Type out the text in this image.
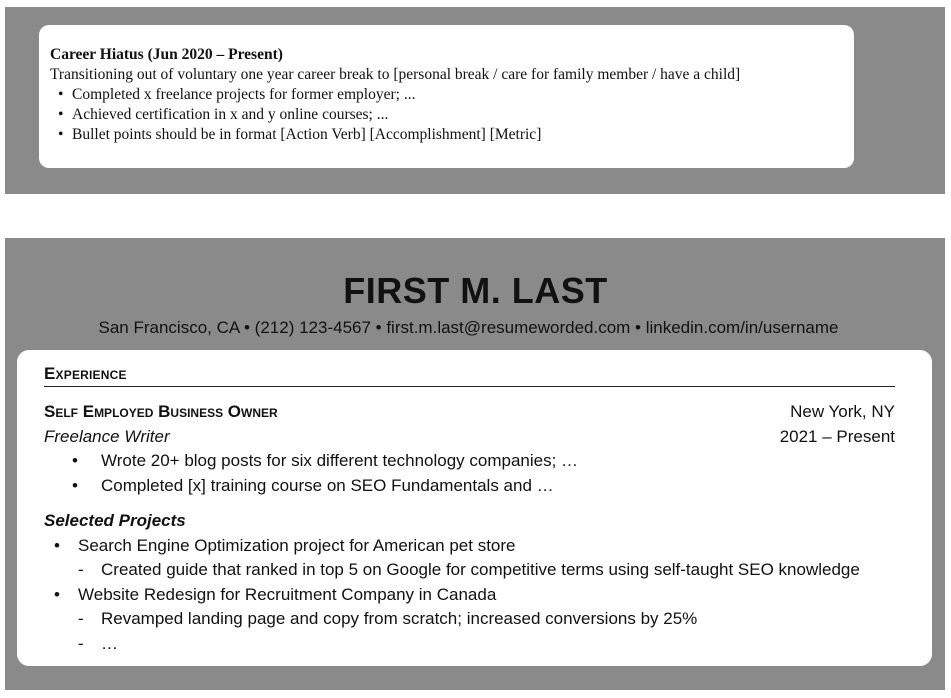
Career Hiatus (Jun 2020 – Present)
Transitioning out of voluntary one year career break to [personal break / care for family member / have a child]
• Completed x freelance projects for former employer; ...
• Achieved certification in x and y online courses; ...
• Bullet points should be in format [Action Verb] [Accomplishment] [Metric]
FIRST M. LAST
San Francisco, CA • (212) 123-4567 • first.m.last@resumeworded.com • linkedin.com/in/username
Experience
Self Employed Business Owner	New York, NY
Freelance Writer	2021 – Present
• Wrote 20+ blog posts for six different technology companies; …
• Completed [x] training course on SEO Fundamentals and …
Selected Projects
• Search Engine Optimization project for American pet store
- Created guide that ranked in top 5 on Google for competitive terms using self-taught SEO knowledge
• Website Redesign for Recruitment Company in Canada
- Revamped landing page and copy from scratch; increased conversions by 25%
- …
